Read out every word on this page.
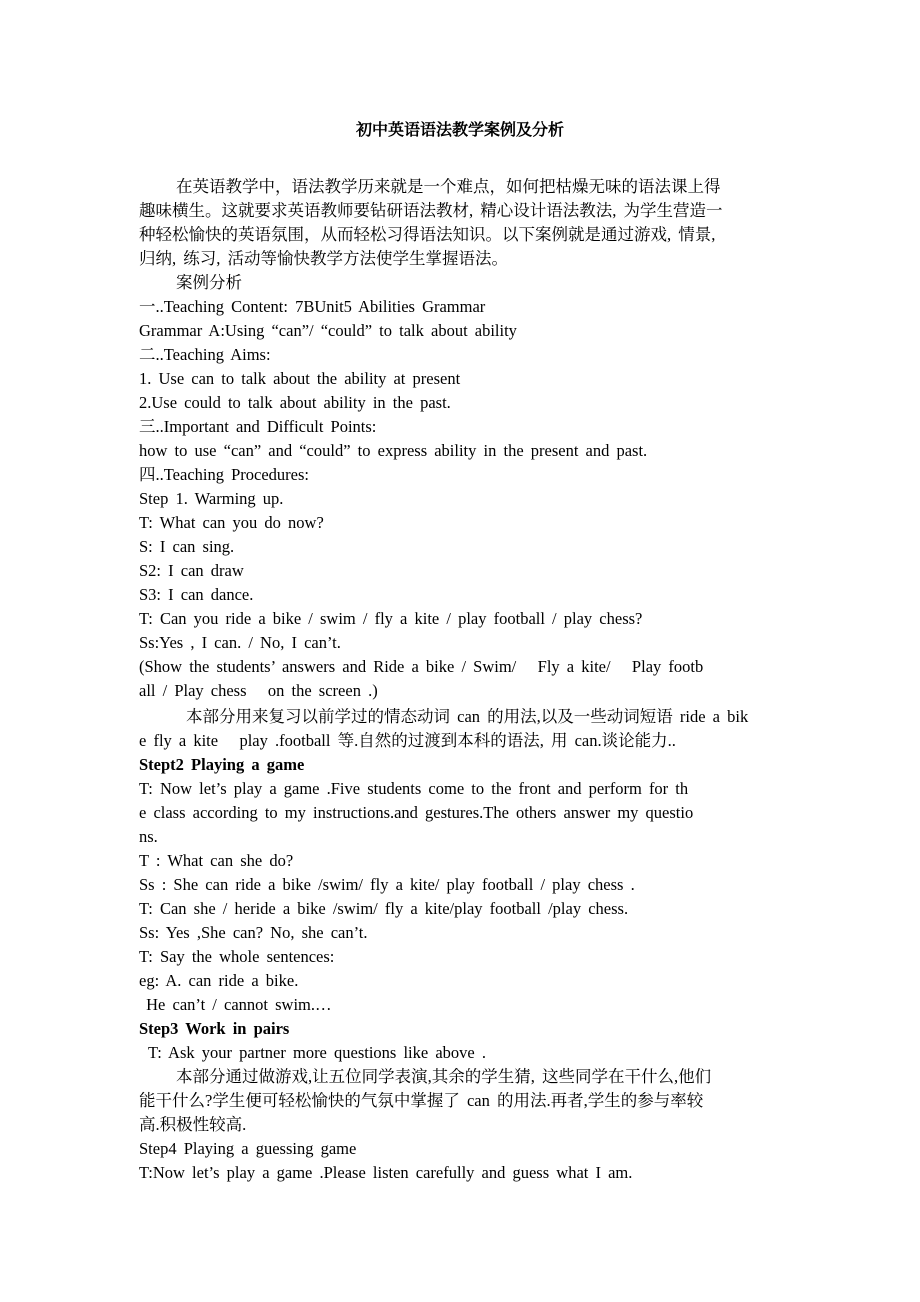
初中英语语法教学案例及分析
在英语教学中，语法教学历来就是一个难点，如何把枯燥无味的语法课上得
趣味横生。这就要求英语教师要钻研语法教材, 精心设计语法教法, 为学生营造一
种轻松愉快的英语氛围，从而轻松习得语法知识。以下案例就是通过游戏, 情景,
归纳, 练习, 活动等愉快教学方法使学生掌握语法。
案例分析
一..Teaching Content: 7BUnit5 Abilities Grammar
Grammar A:Using “can”/ “could” to talk about ability
二..Teaching Aims:
1. Use can to talk about the ability at present
2.Use could to talk about ability in the past.
三..Important and Difficult Points:
how to use “can” and “could” to express ability in the present and past.
四..Teaching Procedures:
Step 1. Warming up.
T: What can you do now?
S: I can sing.
S2: I can draw
S3: I can dance.
T: Can you ride a bike / swim / fly a kite / play football / play chess?
Ss:Yes , I can. / No, I can’t.
(Show the students’ answers and Ride a bike / Swim/   Fly a kite/   Play footb
all / Play chess   on the screen .)
本部分用来复习以前学过的情态动词 can 的用法,以及一些动词短语 ride a bik
e fly a kite   play .football 等.自然的过渡到本科的语法, 用 can.谈论能力..
Stept2 Playing a game
T: Now let’s play a game .Five students come to the front and perform for th
e class according to my instructions.and gestures.The others answer my questio
ns.
T : What can she do?
Ss : She can ride a bike /swim/ fly a kite/ play football / play chess .
T: Can she / heride a bike /swim/ fly a kite/play football /play chess.
Ss: Yes ,She can? No, she can’t.
T: Say the whole sentences:
eg: A. can ride a bike.
He can’t / cannot swim.…
Step3 Work in pairs
T: Ask your partner more questions like above .
本部分通过做游戏,让五位同学表演,其余的学生猜, 这些同学在干什么,他们
能干什么?学生便可轻松愉快的气氛中掌握了 can 的用法.再者,学生的参与率较
高.积极性较高.
Step4 Playing a guessing game
T:Now let’s play a game .Please listen carefully and guess what I am.
